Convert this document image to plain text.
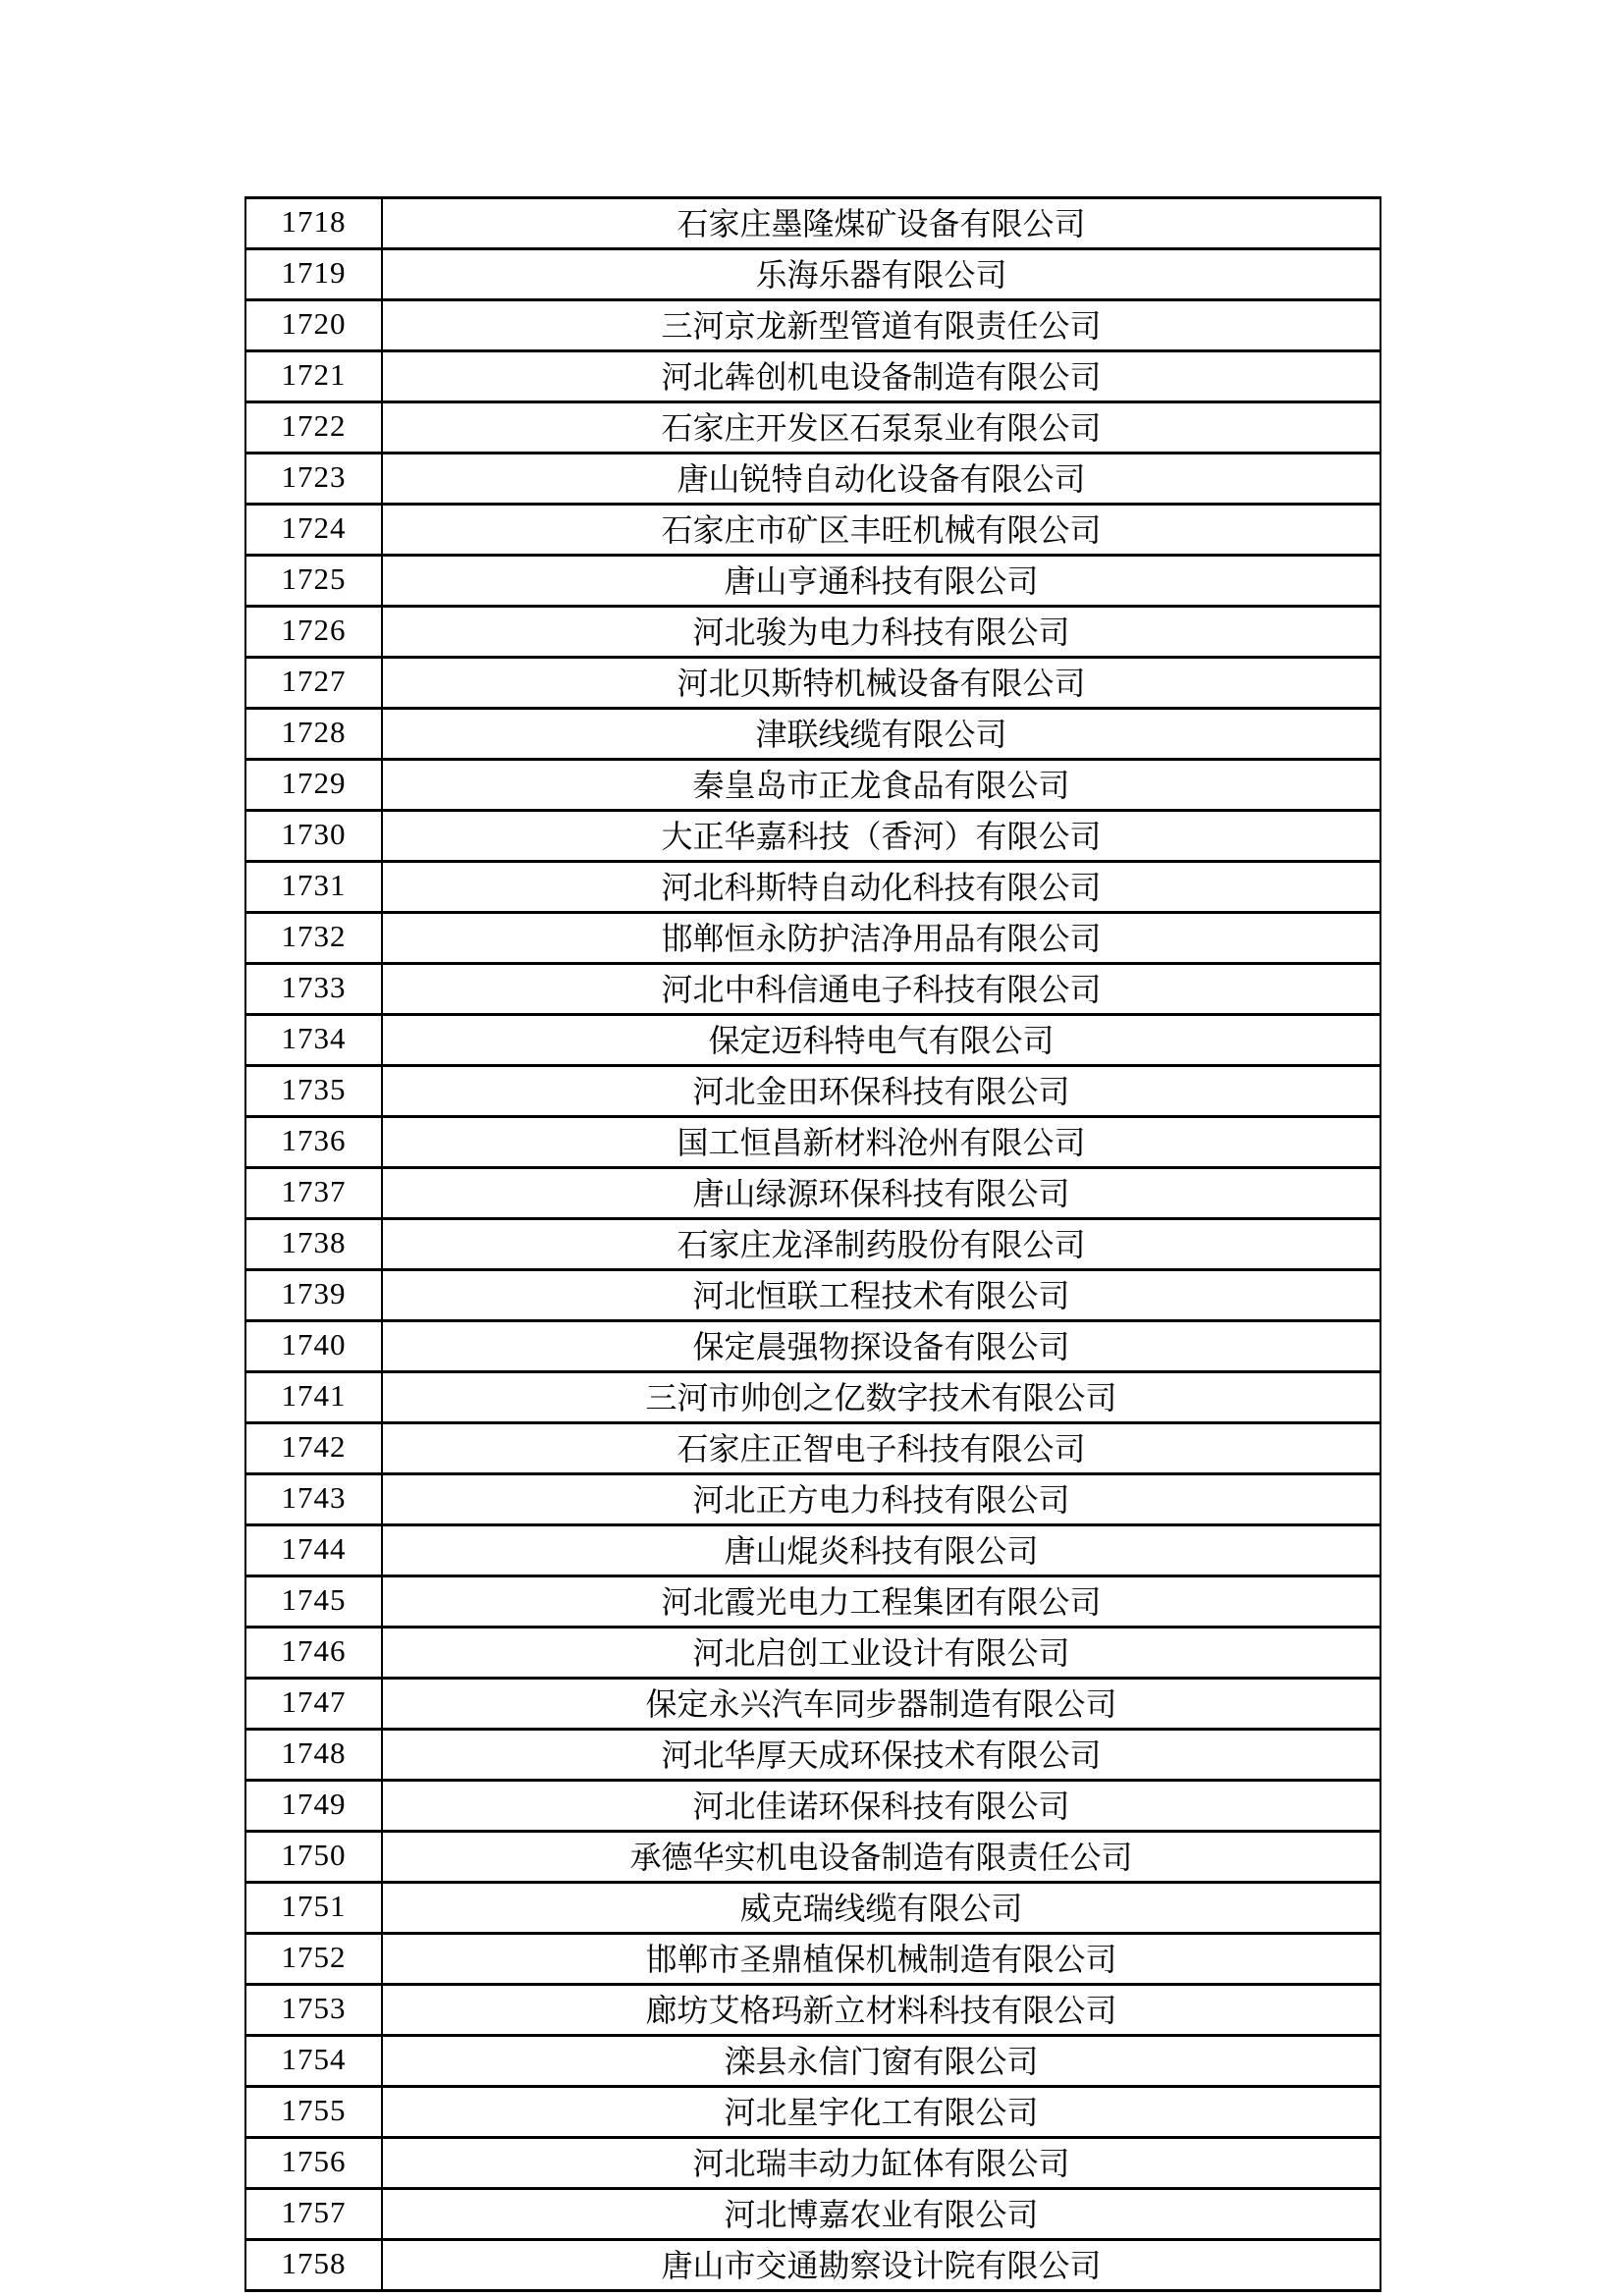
1718	石家庄墨隆煤矿设备有限公司
1719	乐海乐器有限公司
1720	三河京龙新型管道有限责任公司
1721	河北犇创机电设备制造有限公司
1722	石家庄开发区石泵泵业有限公司
1723	唐山锐特自动化设备有限公司
1724	石家庄市矿区丰旺机械有限公司
1725	唐山亨通科技有限公司
1726	河北骏为电力科技有限公司
1727	河北贝斯特机械设备有限公司
1728	津联线缆有限公司
1729	秦皇岛市正龙食品有限公司
1730	大正华嘉科技（香河）有限公司
1731	河北科斯特自动化科技有限公司
1732	邯郸恒永防护洁净用品有限公司
1733	河北中科信通电子科技有限公司
1734	保定迈科特电气有限公司
1735	河北金田环保科技有限公司
1736	国工恒昌新材料沧州有限公司
1737	唐山绿源环保科技有限公司
1738	石家庄龙泽制药股份有限公司
1739	河北恒联工程技术有限公司
1740	保定晨强物探设备有限公司
1741	三河市帅创之亿数字技术有限公司
1742	石家庄正智电子科技有限公司
1743	河北正方电力科技有限公司
1744	唐山焜炎科技有限公司
1745	河北霞光电力工程集团有限公司
1746	河北启创工业设计有限公司
1747	保定永兴汽车同步器制造有限公司
1748	河北华厚天成环保技术有限公司
1749	河北佳诺环保科技有限公司
1750	承德华实机电设备制造有限责任公司
1751	威克瑞线缆有限公司
1752	邯郸市圣鼎植保机械制造有限公司
1753	廊坊艾格玛新立材料科技有限公司
1754	滦县永信门窗有限公司
1755	河北星宇化工有限公司
1756	河北瑞丰动力缸体有限公司
1757	河北博嘉农业有限公司
1758	唐山市交通勘察设计院有限公司
